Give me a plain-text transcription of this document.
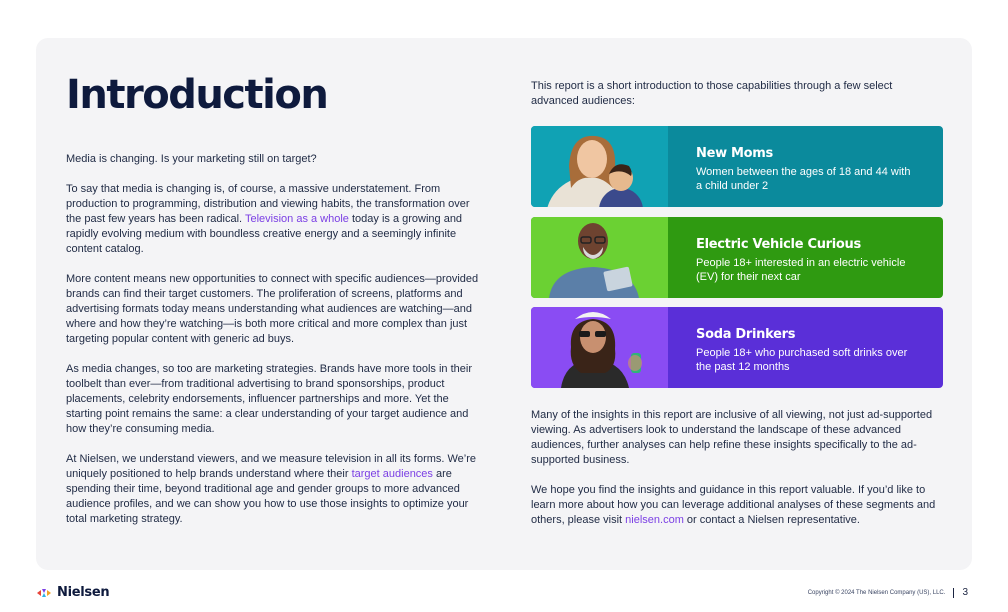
Introduction

Media is changing. Is your marketing still on target?

To say that media is changing is, of course, a massive understatement. From production to programming, distribution and viewing habits, the transformation over the past few years has been radical. Television as a whole today is a growing and rapidly evolving medium with boundless creative energy and a seemingly infinite content catalog.

More content means new opportunities to connect with specific audiences—provided brands can find their target customers. The proliferation of screens, platforms and advertising formats today means understanding what audiences are watching—and where and how they’re watching—is both more critical and more complex than just targeting popular content with generic ad buys.

As media changes, so too are marketing strategies. Brands have more tools in their toolbelt than ever—from traditional advertising to brand sponsorships, product placements, celebrity endorsements, influencer partnerships and more. Yet the starting point remains the same: a clear understanding of your target audience and how they’re consuming media.

At Nielsen, we understand viewers, and we measure television in all its forms. We’re uniquely positioned to help brands understand where their target audiences are spending their time, beyond traditional age and gender groups to more advanced audience profiles, and we can show you how to use those insights to optimize your total marketing strategy.

This report is a short introduction to those capabilities through a few select advanced audiences:

New Moms
Women between the ages of 18 and 44 with a child under 2
Electric Vehicle Curious
People 18+ interested in an electric vehicle (EV) for their next car
Soda Drinkers
People 18+ who purchased soft drinks over the past 12 months

Many of the insights in this report are inclusive of all viewing, not just ad-supported viewing. As advertisers look to understand the landscape of these advanced audiences, further analyses can help refine these insights specifically to the ad-supported business.

We hope you find the insights and guidance in this report valuable. If you’d like to learn more about how you can leverage additional analyses of these segments and others, please visit nielsen.com or contact a Nielsen representative.

Nielsen	Copyright © 2024 The Nielsen Company (US), LLC. 3
